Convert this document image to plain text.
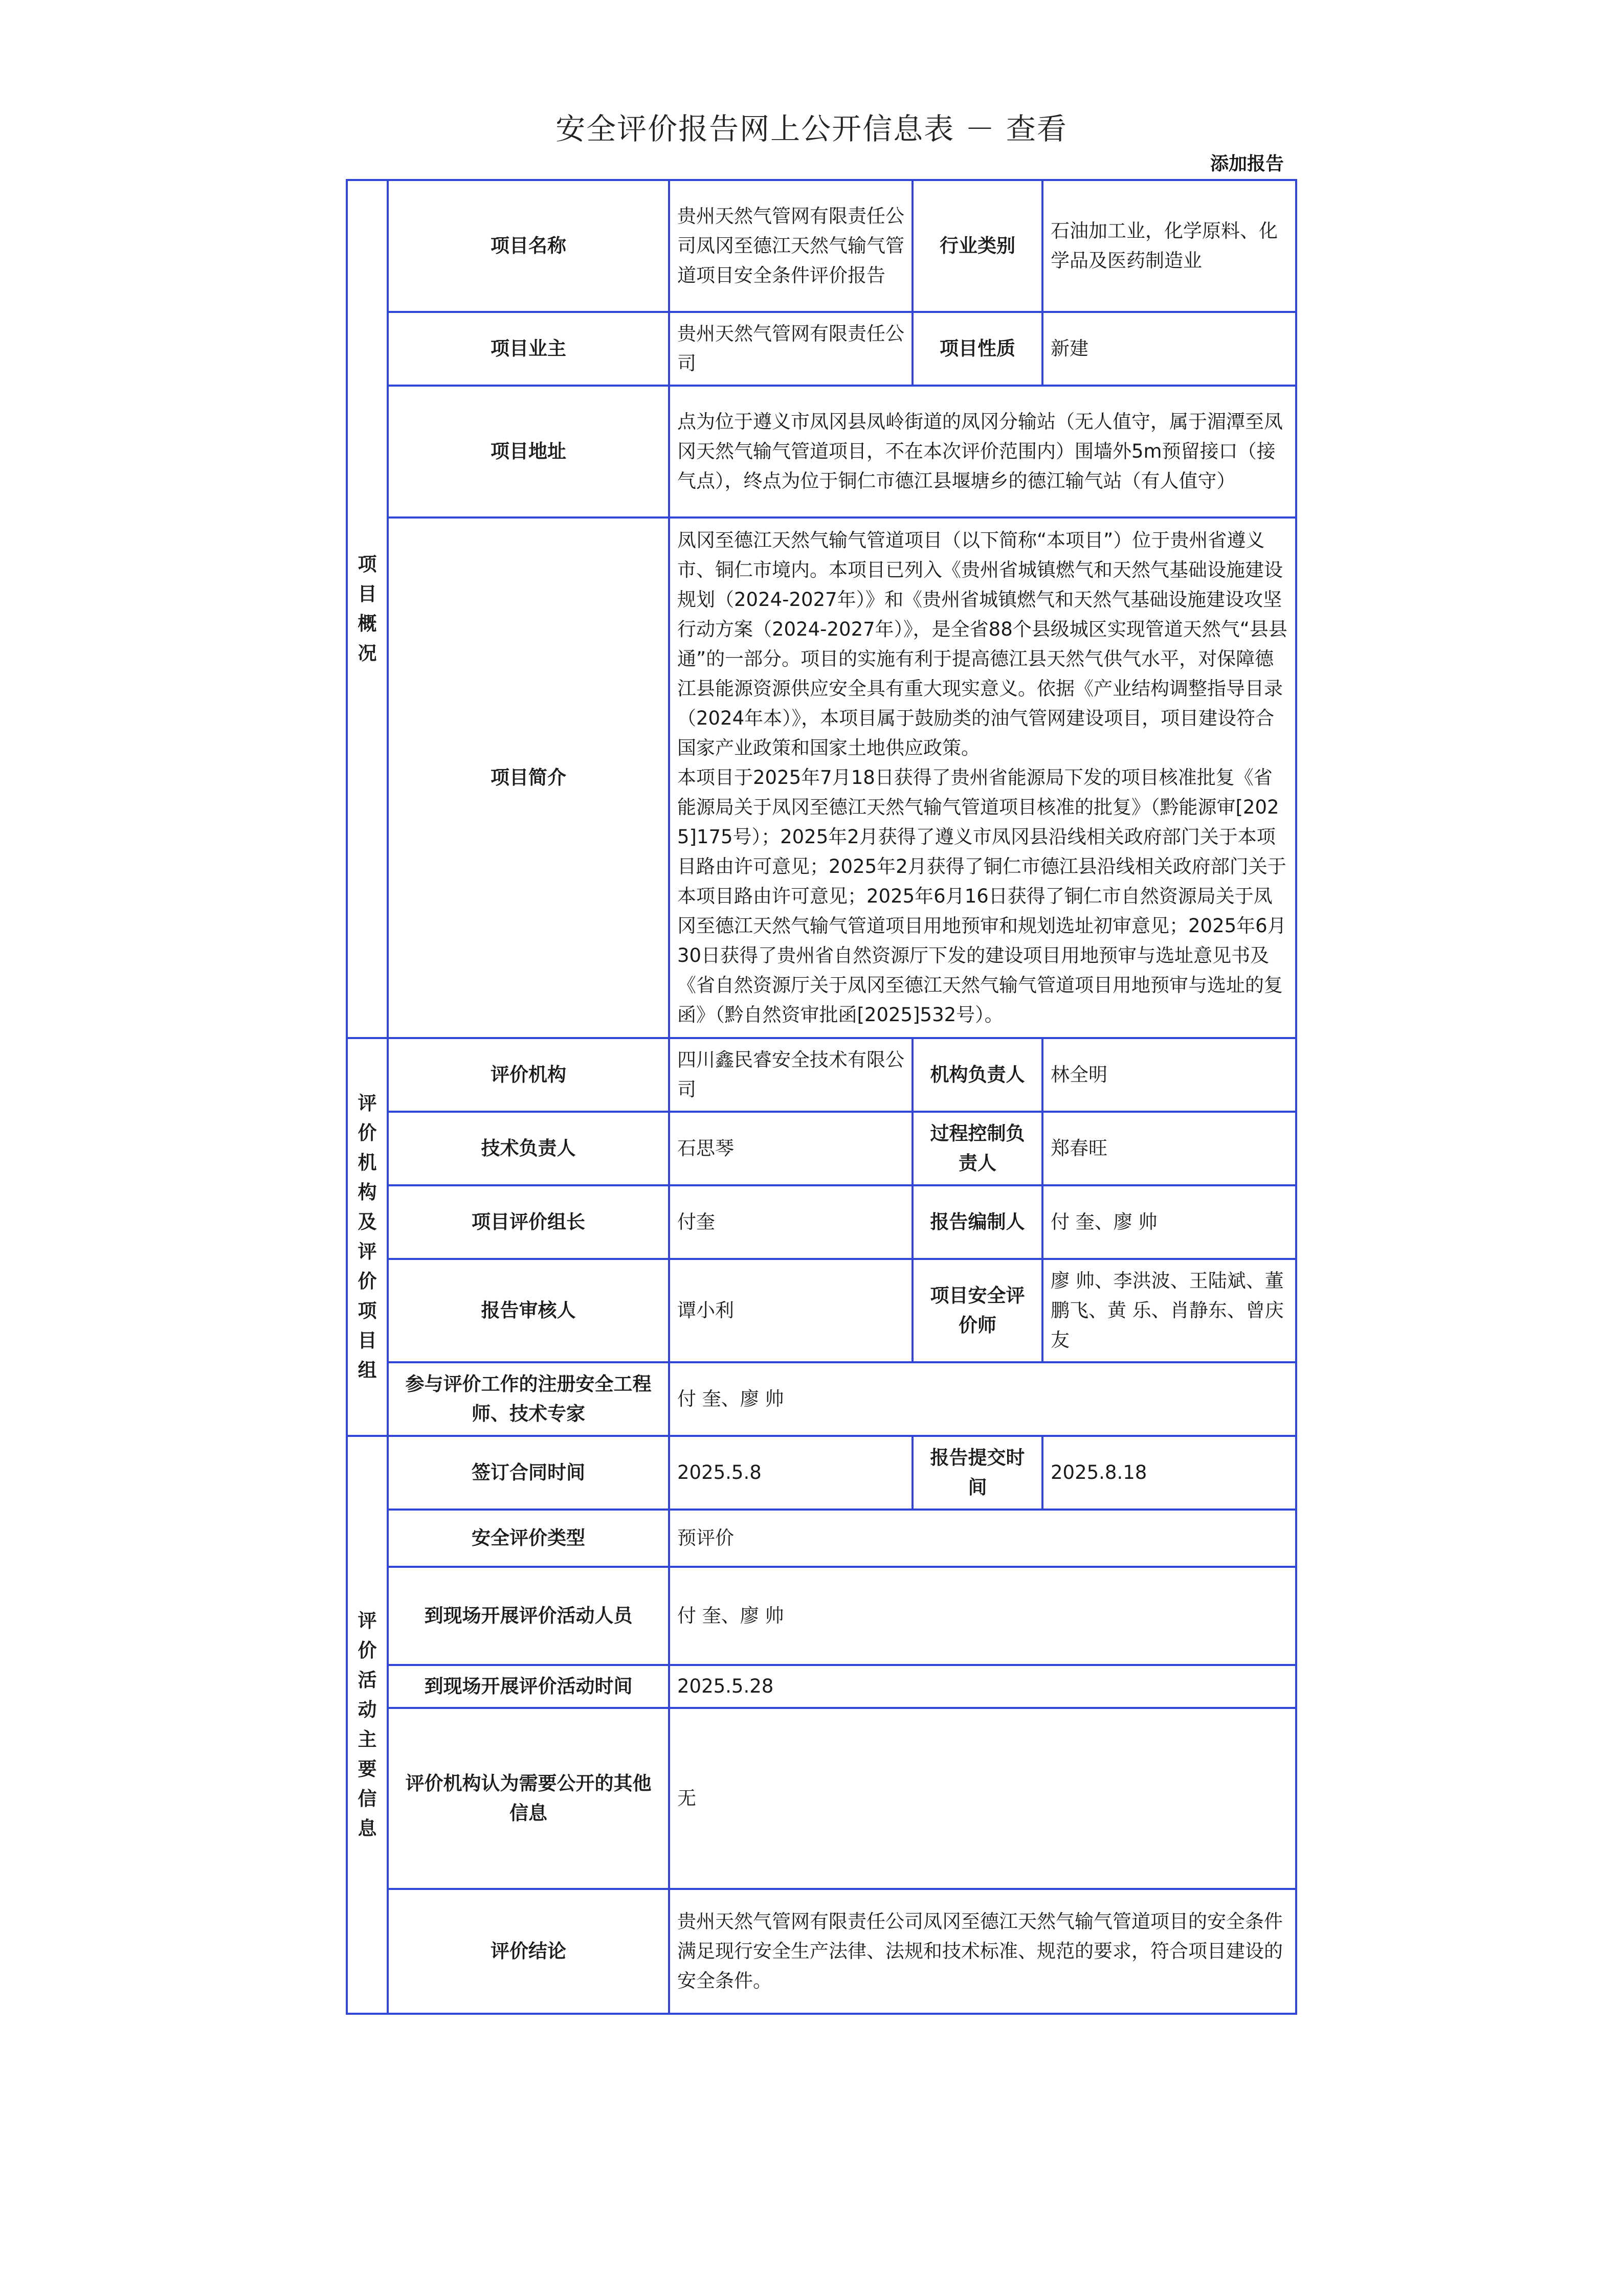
安全评价报告网上公开信息表 － 查看
添加报告
项目概况	项目名称	贵州天然气管网有限责任公司凤冈至德江天然气输气管道项目安全条件评价报告	行业类别	石油加工业，化学原料、化学品及医药制造业
	项目业主	贵州天然气管网有限责任公司	项目性质	新建
	项目地址	点为位于遵义市凤冈县凤岭街道的凤冈分输站（无人值守，属于湄潭至凤冈天然气输气管道项目，不在本次评价范围内）围墙外5m预留接口（接气点），终点为位于铜仁市德江县堰塘乡的德江输气站（有人值守）		
	项目简介	凤冈至德江天然气输气管道项目（以下简称“本项目”）位于贵州省遵义市、铜仁市境内。本项目已列入《贵州省城镇燃气和天然气基础设施建设规划（2024-2027年）》和《贵州省城镇燃气和天然气基础设施建设攻坚行动方案（2024-2027年）》，是全省88个县级城区实现管道天然气“县县通”的一部分。项目的实施有利于提高德江县天然气供气水平，对保障德江县能源资源供应安全具有重大现实意义。依据《产业结构调整指导目录（2024年本）》，本项目属于鼓励类的油气管网建设项目，项目建设符合国家产业政策和国家土地供应政策。
本项目于2025年7月18日获得了贵州省能源局下发的项目核准批复《省能源局关于凤冈至德江天然气输气管道项目核准的批复》（黔能源审[2025]175号）；2025年2月获得了遵义市凤冈县沿线相关政府部门关于本项目路由许可意见；2025年2月获得了铜仁市德江县沿线相关政府部门关于本项目路由许可意见；2025年6月16日获得了铜仁市自然资源局关于凤冈至德江天然气输气管道项目用地预审和规划选址初审意见；2025年6月30日获得了贵州省自然资源厅下发的建设项目用地预审与选址意见书及《省自然资源厅关于凤冈至德江天然气输气管道项目用地预审与选址的复函》（黔自然资审批函[2025]532号）。		

评价机构及评价项目组	评价机构	四川鑫民睿安全技术有限公司	机构负责人	林全明
	技术负责人	石思琴	过程控制负责人	郑春旺
	项目评价组长	付奎	报告编制人	付 奎、廖 帅
	报告审核人	谭小利	项目安全评价师	廖 帅、李洪波、王陆斌、董鹏飞、黄 乐、肖静东、曾庆友
	参与评价工作的注册安全工程师、技术专家	付 奎、廖 帅		
评价活动主要信息	签订合同时间	2025.5.8	报告提交时间	2025.8.18
	安全评价类型	预评价		
	到现场开展评价活动人员	付 奎、廖 帅		
	到现场开展评价活动时间	2025.5.28		
	评价机构认为需要公开的其他信息	无		
	评价结论	贵州天然气管网有限责任公司凤冈至德江天然气输气管道项目的安全条件满足现行安全生产法律、法规和技术标准、规范的要求，符合项目建设的安全条件。		
